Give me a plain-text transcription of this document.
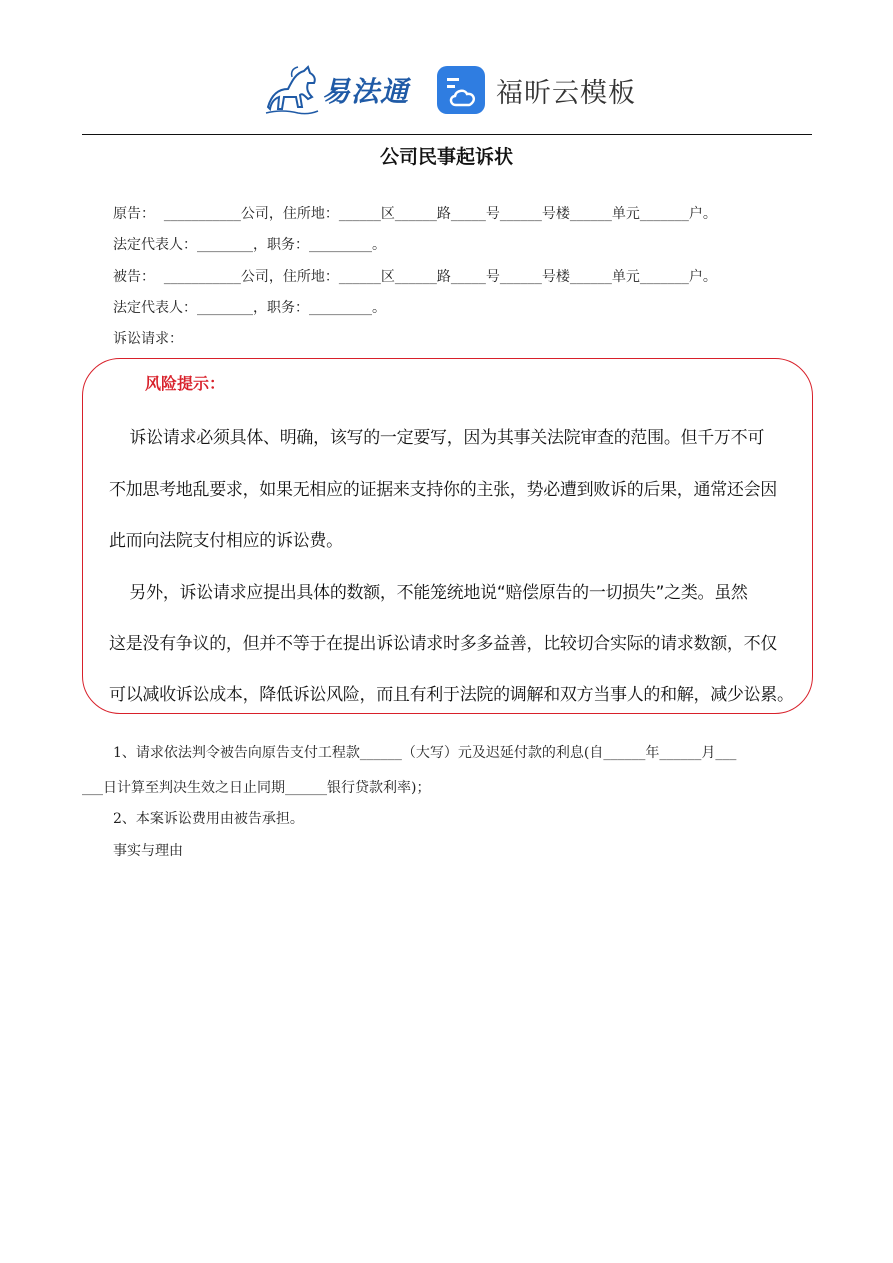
易法通	福昕云模板
公司民事起诉状
原告：  ___________公司，住所地：______区______路_____号______号楼______单元_______户。
法定代表人：________，职务：_________。
被告：  ___________公司，住所地：______区______路_____号______号楼______单元_______户。
法定代表人：________，职务：_________。
诉讼请求：
风险提示：
诉讼请求必须具体、明确，该写的一定要写，因为其事关法院审查的范围。但千万不可
不加思考地乱要求，如果无相应的证据来支持你的主张，势必遭到败诉的后果，通常还会因
此而向法院支付相应的诉讼费。
另外，诉讼请求应提出具体的数额，不能笼统地说“赔偿原告的一切损失”之类。虽然
这是没有争议的，但并不等于在提出诉讼请求时多多益善，比较切合实际的请求数额，不仅
可以减收诉讼成本，降低诉讼风险，而且有利于法院的调解和双方当事人的和解，减少讼累。
1、请求依法判令被告向原告支付工程款______（大写）元及迟延付款的利息(自______年______月___
___日计算至判决生效之日止同期______银行贷款利率)；
2、本案诉讼费用由被告承担。
事实与理由
